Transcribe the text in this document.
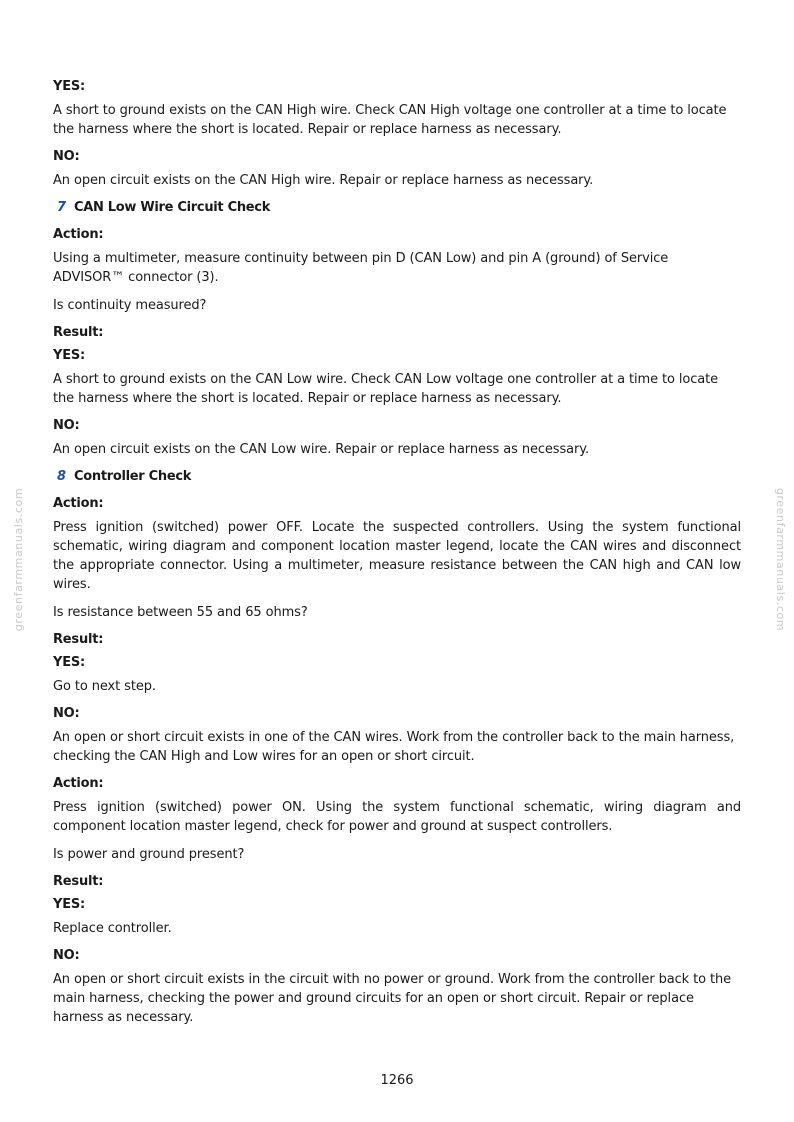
greenfarmmanuals.com	greenfarmmanuals.com
YES:

A short to ground exists on the CAN High wire. Check CAN High voltage one controller at a time to locate the harness where the short is located. Repair or replace harness as necessary.

NO:

An open circuit exists on the CAN High wire. Repair or replace harness as necessary.

7 CAN Low Wire Circuit Check
Action:

Using a multimeter, measure continuity between pin D (CAN Low) and pin A (ground) of Service ADVISOR™ connector (3).

Is continuity measured?

Result:
YES:

A short to ground exists on the CAN Low wire. Check CAN Low voltage one controller at a time to locate the harness where the short is located. Repair or replace harness as necessary.

NO:

An open circuit exists on the CAN Low wire. Repair or replace harness as necessary.

8 Controller Check
Action:

Press ignition (switched) power OFF. Locate the suspected controllers. Using the system functional schematic, wiring diagram and component location master legend, locate the CAN wires and disconnect the appropriate connector. Using a multimeter, measure resistance between the CAN high and CAN low wires.

Is resistance between 55 and 65 ohms?

Result:
YES:

Go to next step.

NO:

An open or short circuit exists in one of the CAN wires. Work from the controller back to the main harness, checking the CAN High and Low wires for an open or short circuit.

Action:

Press ignition (switched) power ON. Using the system functional schematic, wiring diagram and component location master legend, check for power and ground at suspect controllers.

Is power and ground present?

Result:
YES:

Replace controller.

NO:

An open or short circuit exists in the circuit with no power or ground. Work from the controller back to the main harness, checking the power and ground circuits for an open or short circuit. Repair or replace harness as necessary.

1266
